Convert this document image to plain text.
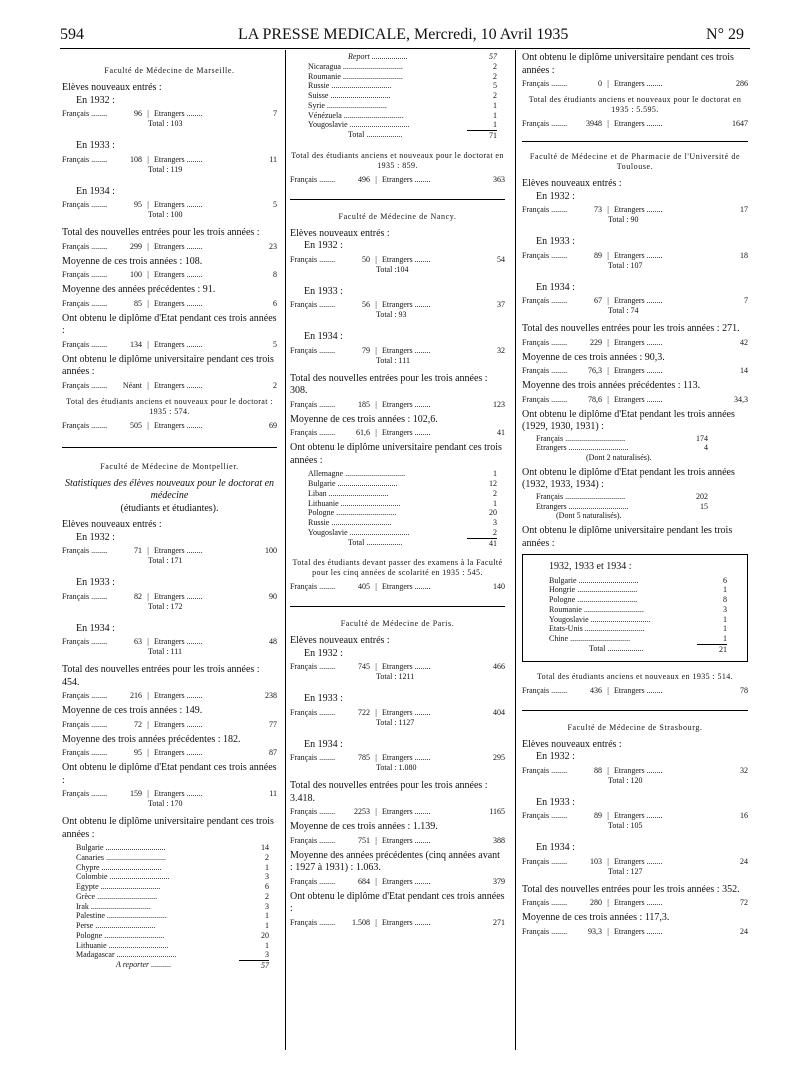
594	LA PRESSE MEDICALE, Mercredi, 10 Avril 1935	N° 29
Faculté de Médecine de Marseille.

Elèves nouveaux entrés :

En 1932 :

Français ........	96 | Etrangers ........	7

Total : 103

En 1933 :

Français ........	108 | Etrangers ........	11

Total : 119

En 1934 :

Français ........	95 | Etrangers ........	5

Total : 100

Total des nouvelles entrées pour les trois années :

Français ........	299 | Etrangers ........	23

Moyenne de ces trois années : 108.

Français ........	100 | Etrangers ........	8

Moyenne des années précédentes : 91.

Français ........	85 | Etrangers ........	6

Ont obtenu le diplôme d'Etat pendant ces trois années :

Français ........	134 | Etrangers ........	5

Ont obtenu le diplôme universitaire pendant ces trois années :

Français ........	Néant | Etrangers ........	2
Total des étudiants anciens et nouveaux pour le doctorat : 1935 : 574.
Français ........	505 | Etrangers ........	69
Faculté de Médecine de Montpellier.

Statistiques des élèves nouveaux pour le doctorat en médecine

(étudiants et étudiantes).

Elèves nouveaux entrés :

En 1932 :

Français ........	71 | Etrangers ........	100

Total : 171

En 1933 :

Français ........	82 | Etrangers ........	90

Total : 172

En 1934 :

Français ........	63 | Etrangers ........	48

Total : 111

Total des nouvelles entrées pour les trois années : 454.

Français ........	216 | Etrangers ........	238

Moyenne de ces trois années : 149.

Français ........	72 | Etrangers ........	77

Moyenne des trois années précédentes : 182.

Français ........	95 | Etrangers ........	87

Ont obtenu le diplôme d'Etat pendant ces trois années :

Français ........	159 | Etrangers ........	11

Total : 170

Ont obtenu le diplôme universitaire pendant ces trois années :

Bulgarie ..............................	14
Canaries ..............................	2
Chypre ..............................	1
Colombie ..............................	3
Egypte ..............................	6
Grèce ..............................	2
Irak ..............................	3
Palestine ..............................	1
Perse ..............................	1
Pologne ..............................	20
Lithuanie ..............................	1
Madagascar ..............................	3
A reporter ..........	57
Report ..................	57
Nicaragua ..............................	2
Roumanie ..............................	2
Russie ..............................	5
Suisse ..............................	2
Syrie ..............................	1
Vénézuela ..............................	1
Yougoslavie ..............................	1
Total ..................	71
Total des étudiants anciens et nouveaux pour le doctorat en 1935 : 859.
Français ........	496 | Etrangers ........	363
Faculté de Médecine de Nancy.

Elèves nouveaux entrés :

En 1932 :

Français ........	50 | Etrangers ........	54

Total :104

En 1933 :

Français ........	56 | Etrangers ........	37

Total : 93

En 1934 :

Français ........	79 | Etrangers ........	32

Total : 111

Total des nouvelles entrées pour les trois années : 308.

Français ........	185 | Etrangers ........	123

Moyenne de ces trois années : 102,6.

Français ........	61,6 | Etrangers ........	41

Ont obtenu le diplôme universitaire pendant ces trois années :

Allemagne ..............................	1
Bulgarie ..............................	12
Liban ..............................	2
Lithuanie ..............................	1
Pologne ..............................	20
Russie ..............................	3
Yougoslavie ..............................	2
Total ..................	41
Total des étudiants devant passer des examens à la Faculté pour les cinq années de scolarité en 1935 : 545.
Français ........	405 | Etrangers ........	140
Faculté de Médecine de Paris.

Elèves nouveaux entrés :

En 1932 :

Français ........	745 | Etrangers ........	466

Total : 1211

En 1933 :

Français ........	722 | Etrangers ........	404

Total : 1127

En 1934 :

Français ........	785 | Etrangers ........	295

Total : 1.080

Total des nouvelles entrées pour les trois années : 3.418.

Français ........	2253 | Etrangers ........	1165

Moyenne de ces trois années : 1.139.

Français ........	751 | Etrangers ........	388

Moyenne des années précédentes (cinq années avant : 1927 à 1931) : 1.063.

Français ........	684 | Etrangers ........	379

Ont obtenu le diplôme d'Etat pendant ces trois années :

Français ........	1.508 | Etrangers ........	271

Ont obtenu le diplôme universitaire pendant ces trois années :

Français ........	0 | Etrangers ........	286
Total des étudiants anciens et nouveaux pour le doctorat en 1935 : 5.595.
Français ........	3948 | Etrangers ........	1647
Faculté de Médecine et de Pharmacie de l'Université de Toulouse.

Elèves nouveaux entrés :

En 1932 :

Français ........	73 | Etrangers ........	17

Total : 90

En 1933 :

Français ........	89 | Etrangers ........	18

Total : 107

En 1934 :

Français ........	67 | Etrangers ........	7

Total : 74

Total des nouvelles entrées pour les trois années : 271.

Français ........	229 | Etrangers ........	42

Moyenne de ces trois années : 90,3.

Français ........	76,3 | Etrangers ........	14

Moyenne des trois années précédentes : 113.

Français ........	78,6 | Etrangers ........	34,3

Ont obtenu le diplôme d'Etat pendant les trois années (1929, 1930, 1931) :

Français ..............................	174
Etrangers ..............................	4
(Dont 2 naturalisés).

Ont obtenu le diplôme d'Etat pendant les trois années (1932, 1933, 1934) :

Français ..............................	202
Etrangers ..............................	15
(Dont 5 naturalisés).

Ont obtenu le diplôme universitaire pendant les trois années :

1932, 1933 et 1934 :

Bulgarie ..............................	6
Hongrie ..............................	1
Pologne ..............................	8
Roumanie ..............................	3
Yougoslavie ..............................	1
Etats-Unis ..............................	1
Chine ..............................	1
Total ..................	21
Total des étudiants anciens et nouveaux en 1935 : 514.
Français ........	436 | Etrangers ........	78
Faculté de Médecine de Strasbourg.

Elèves nouveaux entrés :

En 1932 :

Français ........	88 | Etrangers ........	32

Total : 120

En 1933 :

Français ........	89 | Etrangers ........	16

Total : 105

En 1934 :

Français ........	103 | Etrangers ........	24

Total : 127

Total des nouvelles entrées pour les trois années : 352.

Français ........	280 | Etrangers ........	72

Moyenne de ces trois années : 117,3.

Français ........	93,3 | Etrangers ........	24
